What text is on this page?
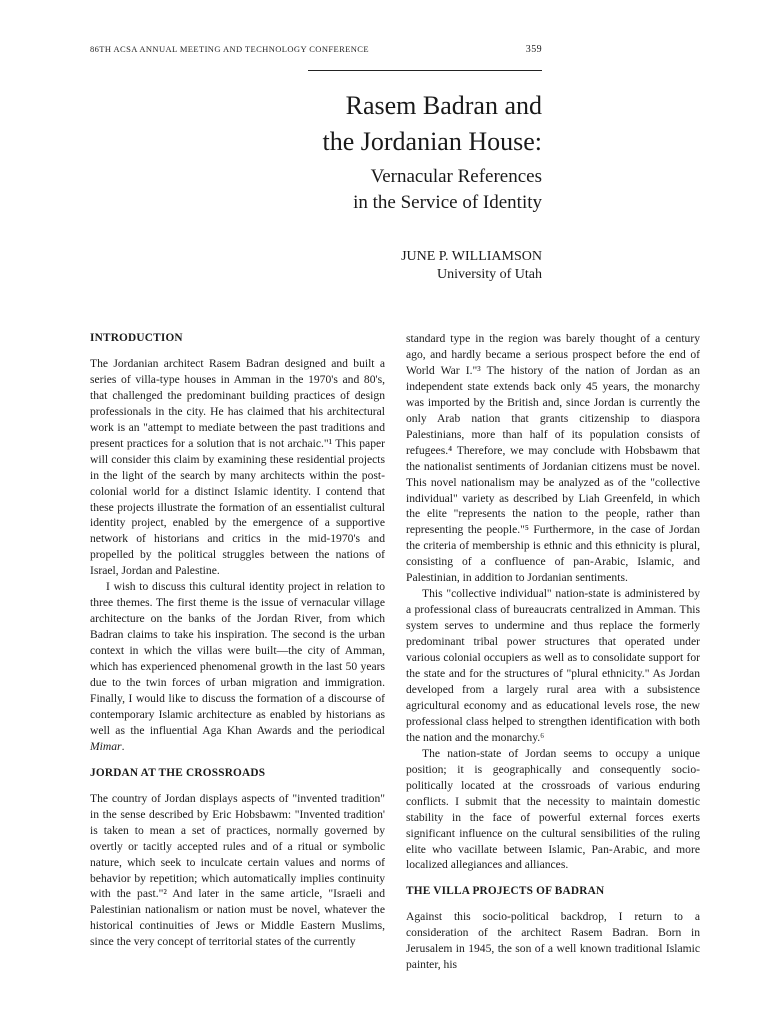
86TH ACSA ANNUAL MEETING AND TECHNOLOGY CONFERENCE	359
Rasem Badran and
the Jordanian House:
Vernacular References
in the Service of Identity
JUNE P. WILLIAMSON
University of Utah
INTRODUCTION

The Jordanian architect Rasem Badran designed and built a series of villa-type houses in Amman in the 1970's and 80's, that challenged the predominant building practices of design professionals in the city. He has claimed that his architectural work is an "attempt to mediate between the past traditions and present practices for a solution that is not archaic."¹ This paper will consider this claim by examining these residential projects in the light of the search by many architects within the post-colonial world for a distinct Islamic identity. I contend that these projects illustrate the formation of an essentialist cultural identity project, enabled by the emergence of a supportive network of historians and critics in the mid-1970's and propelled by the political struggles between the nations of Israel, Jordan and Palestine.

I wish to discuss this cultural identity project in relation to three themes. The first theme is the issue of vernacular village architecture on the banks of the Jordan River, from which Badran claims to take his inspiration. The second is the urban context in which the villas were built—the city of Amman, which has experienced phenomenal growth in the last 50 years due to the twin forces of urban migration and immigration. Finally, I would like to discuss the formation of a discourse of contemporary Islamic architecture as enabled by historians as well as the influential Aga Khan Awards and the periodical Mimar.

JORDAN AT THE CROSSROADS

The country of Jordan displays aspects of "invented tradition" in the sense described by Eric Hobsbawm: "Invented tradition' is taken to mean a set of practices, normally governed by overtly or tacitly accepted rules and of a ritual or symbolic nature, which seek to inculcate certain values and norms of behavior by repetition; which automatically implies continuity with the past."² And later in the same article, "Israeli and Palestinian nationalism or nation must be novel, whatever the historical continuities of Jews or Middle Eastern Muslims, since the very concept of territorial states of the currently

standard type in the region was barely thought of a century ago, and hardly became a serious prospect before the end of World War I."³ The history of the nation of Jordan as an independent state extends back only 45 years, the monarchy was imported by the British and, since Jordan is currently the only Arab nation that grants citizenship to diaspora Palestinians, more than half of its population consists of refugees.⁴ Therefore, we may conclude with Hobsbawm that the nationalist sentiments of Jordanian citizens must be novel. This novel nationalism may be analyzed as of the "collective individual" variety as described by Liah Greenfeld, in which the elite "represents the nation to the people, rather than representing the people."⁵ Furthermore, in the case of Jordan the criteria of membership is ethnic and this ethnicity is plural, consisting of a confluence of pan-Arabic, Islamic, and Palestinian, in addition to Jordanian sentiments.

This "collective individual" nation-state is administered by a professional class of bureaucrats centralized in Amman. This system serves to undermine and thus replace the formerly predominant tribal power structures that operated under various colonial occupiers as well as to consolidate support for the state and for the structures of "plural ethnicity." As Jordan developed from a largely rural area with a subsistence agricultural economy and as educational levels rose, the new professional class helped to strengthen identification with both the nation and the monarchy.⁶

The nation-state of Jordan seems to occupy a unique position; it is geographically and consequently socio-politically located at the crossroads of various enduring conflicts. I submit that the necessity to maintain domestic stability in the face of powerful external forces exerts significant influence on the cultural sensibilities of the ruling elite who vacillate between Islamic, Pan-Arabic, and more localized allegiances and alliances.

THE VILLA PROJECTS OF BADRAN

Against this socio-political backdrop, I return to a consideration of the architect Rasem Badran. Born in Jerusalem in 1945, the son of a well known traditional Islamic painter, his
